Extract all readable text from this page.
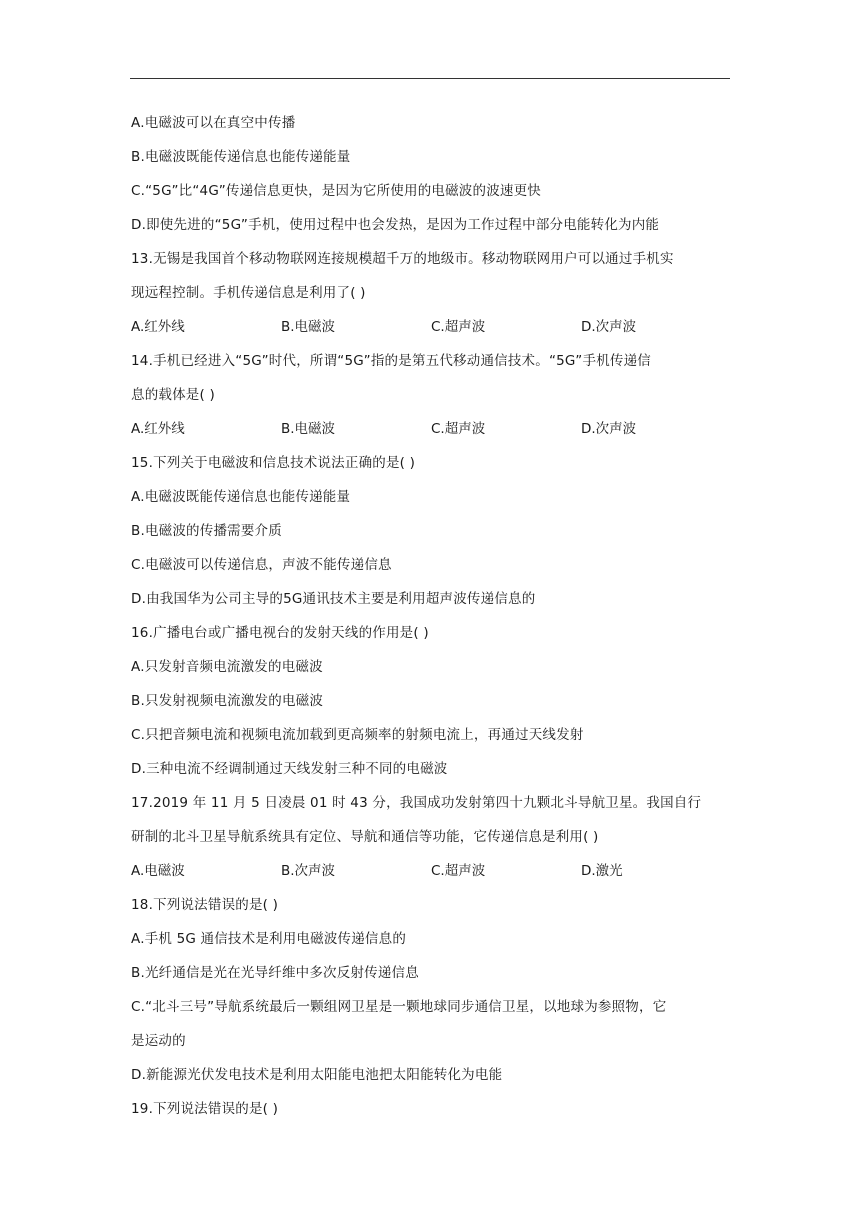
A.电磁波可以在真空中传播
B.电磁波既能传递信息也能传递能量
C.“5G”比“4G”传递信息更快，是因为它所使用的电磁波的波速更快
D.即使先进的“5G”手机，使用过程中也会发热，是因为工作过程中部分电能转化为内能
13.无锡是我国首个移动物联网连接规模超千万的地级市。移动物联网用户可以通过手机实
现远程控制。手机传递信息是利用了( )
A.红外线	B.电磁波	C.超声波	D.次声波
14.手机已经进入“5G”时代，所谓“5G”指的是第五代移动通信技术。“5G”手机传递信
息的载体是( )
A.红外线	B.电磁波	C.超声波	D.次声波
15.下列关于电磁波和信息技术说法正确的是( )
A.电磁波既能传递信息也能传递能量
B.电磁波的传播需要介质
C.电磁波可以传递信息，声波不能传递信息
D.由我国华为公司主导的5G通讯技术主要是利用超声波传递信息的
16.广播电台或广播电视台的发射天线的作用是( )
A.只发射音频电流激发的电磁波
B.只发射视频电流激发的电磁波
C.只把音频电流和视频电流加载到更高频率的射频电流上，再通过天线发射
D.三种电流不经调制通过天线发射三种不同的电磁波
17.2019 年 11 月 5 日凌晨 01 时 43 分，我国成功发射第四十九颗北斗导航卫星。我国自行
研制的北斗卫星导航系统具有定位、导航和通信等功能，它传递信息是利用( )
A.电磁波	B.次声波	C.超声波	D.激光
18.下列说法错误的是( )
A.手机 5G 通信技术是利用电磁波传递信息的
B.光纤通信是光在光导纤维中多次反射传递信息
C.“北斗三号”导航系统最后一颗组网卫星是一颗地球同步通信卫星，以地球为参照物，它
是运动的
D.新能源光伏发电技术是利用太阳能电池把太阳能转化为电能
19.下列说法错误的是( )
